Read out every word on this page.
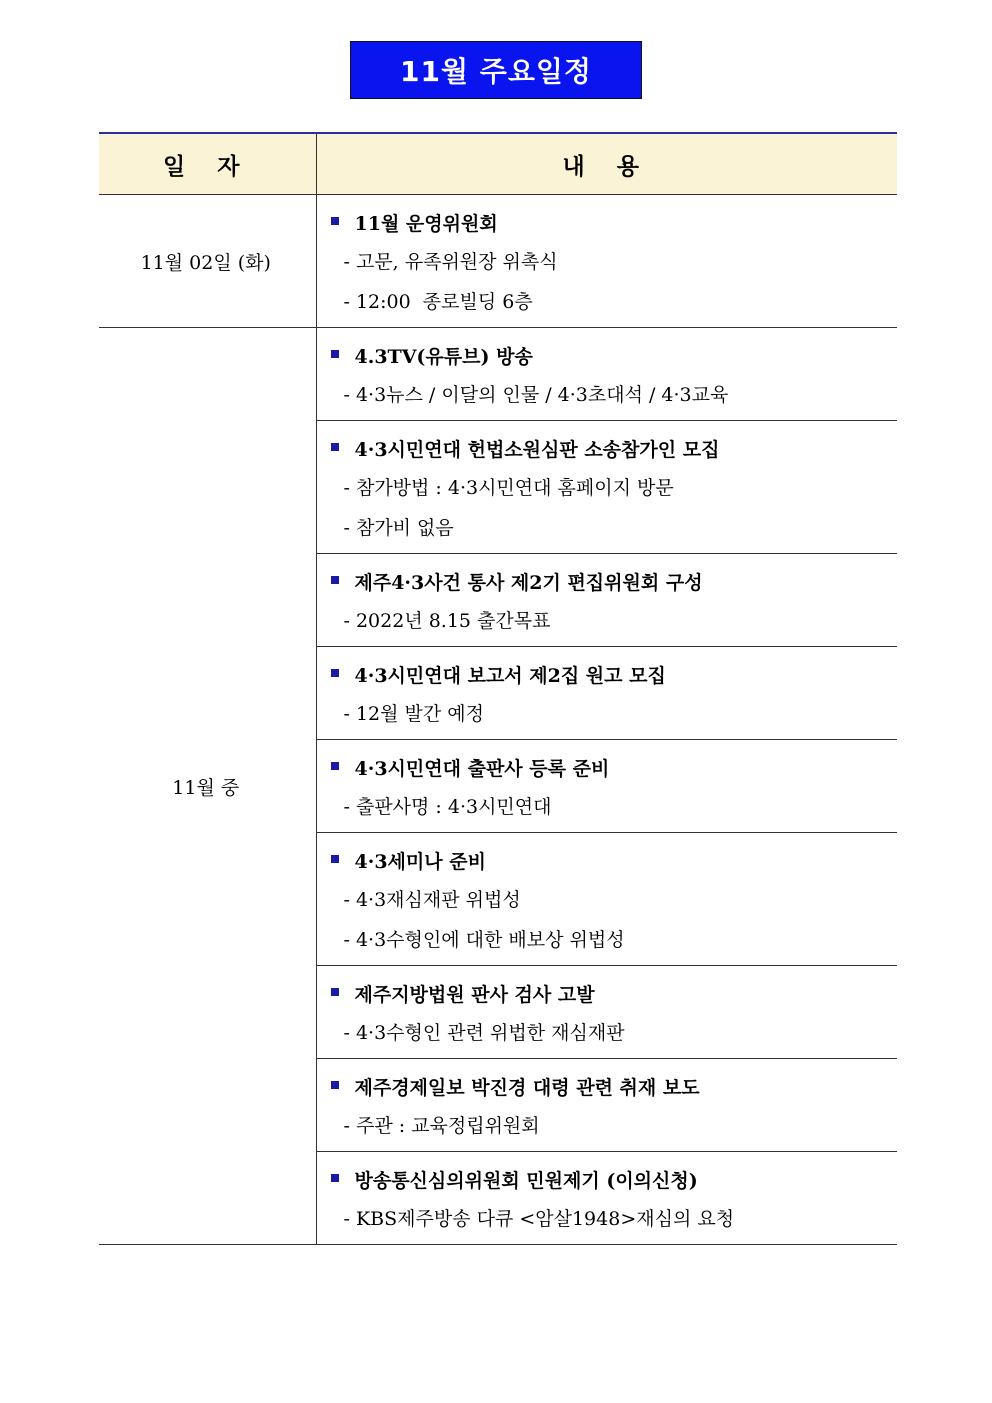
11월 주요일정
일 자	내 용
11월 02일 (화)	11월 운영위원회
- 고문, 유족위원장 위촉식
- 12:00  종로빌딩 6층

11월 중	4.3TV(유튜브) 방송
- 4·3뉴스 / 이달의 인물 / 4·3초대석 / 4·3교육

	4·3시민연대 헌법소원심판 소송참가인 모집
- 참가방법 : 4·3시민연대 홈페이지 방문
- 참가비 없음

	제주4·3사건 통사 제2기 편집위원회 구성
- 2022년 8.15 출간목표

	4·3시민연대 보고서 제2집 원고 모집
- 12월 발간 예정

	4·3시민연대 출판사 등록 준비
- 출판사명 : 4·3시민연대

	4·3세미나 준비
- 4·3재심재판 위법성
- 4·3수형인에 대한 배보상 위법성

	제주지방법원 판사 검사 고발
- 4·3수형인 관련 위법한 재심재판

	제주경제일보 박진경 대령 관련 취재 보도
- 주관 : 교육정립위원회

	방송통신심의위원회 민원제기 (이의신청)
- KBS제주방송 다큐 <암살1948>재심의 요청
